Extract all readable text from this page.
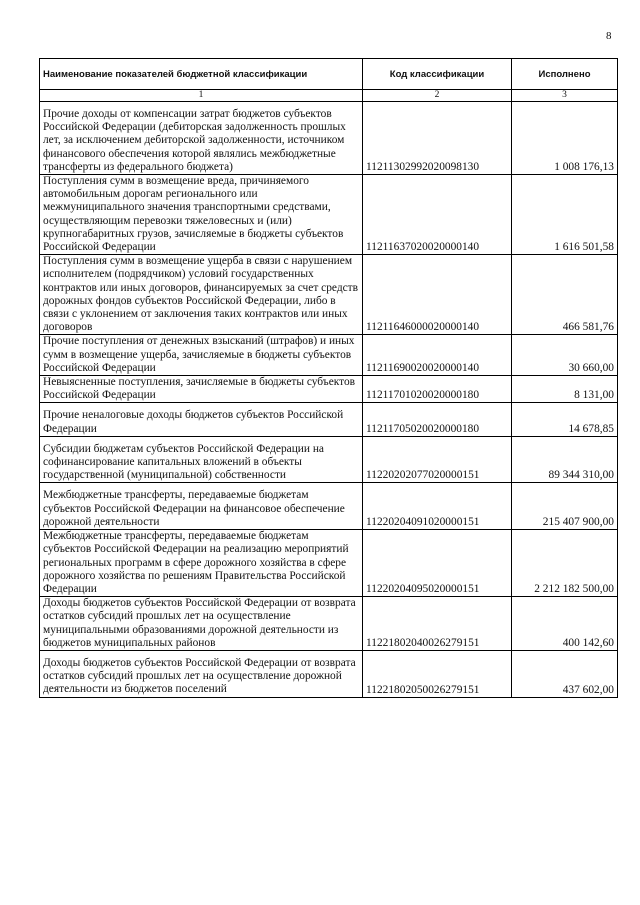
8
Наименование показателей бюджетной классификации	Код классификации	Исполнено
1	2	3
Прочие доходы от компенсации затрат бюджетов субъектов Российской Федерации (дебиторская задолженность прошлых лет, за исключением дебиторской задолженности, источником финансового обеспечения которой являлись межбюджетные трансферты из федерального бюджета)	11211302992020098130	1 008 176,13
Поступления сумм в возмещение вреда, причиняемого автомобильным дорогам регионального или межмуниципального значения транспортными средствами, осуществляющим перевозки тяжеловесных и (или) крупногабаритных грузов, зачисляемые в бюджеты субъектов Российской Федерации	11211637020020000140	1 616 501,58
Поступления сумм в возмещение ущерба в связи с нарушением исполнителем (подрядчиком) условий государственных контрактов или иных договоров, финансируемых за счет средств дорожных фондов субъектов Российской Федерации, либо в связи с уклонением от заключения таких контрактов или иных договоров	11211646000020000140	466 581,76
Прочие поступления от денежных взысканий (штрафов) и иных сумм в возмещение ущерба, зачисляемые в бюджеты субъектов Российской Федерации	11211690020020000140	30 660,00
Невыясненные поступления, зачисляемые в бюджеты субъектов Российской Федерации	11211701020020000180	8 131,00
Прочие неналоговые доходы бюджетов субъектов Российской Федерации	11211705020020000180	14 678,85
Субсидии бюджетам субъектов Российской Федерации на софинансирование капитальных вложений в объекты государственной (муниципальной) собственности	11220202077020000151	89 344 310,00
Межбюджетные трансферты, передаваемые бюджетам субъектов Российской Федерации на финансовое обеспечение дорожной деятельности	11220204091020000151	215 407 900,00
Межбюджетные трансферты, передаваемые бюджетам субъектов Российской Федерации на реализацию мероприятий региональных программ в сфере дорожного хозяйства в сфере дорожного хозяйства по решениям Правительства Российской Федерации	11220204095020000151	2 212 182 500,00
Доходы бюджетов субъектов Российской Федерации от возврата остатков субсидий прошлых лет на осуществление муниципальными образованиями дорожной деятельности из бюджетов муниципальных районов	11221802040026279151	400 142,60
Доходы бюджетов субъектов Российской Федерации от возврата остатков субсидий прошлых лет на осуществление дорожной деятельности из бюджетов поселений	11221802050026279151	437 602,00
